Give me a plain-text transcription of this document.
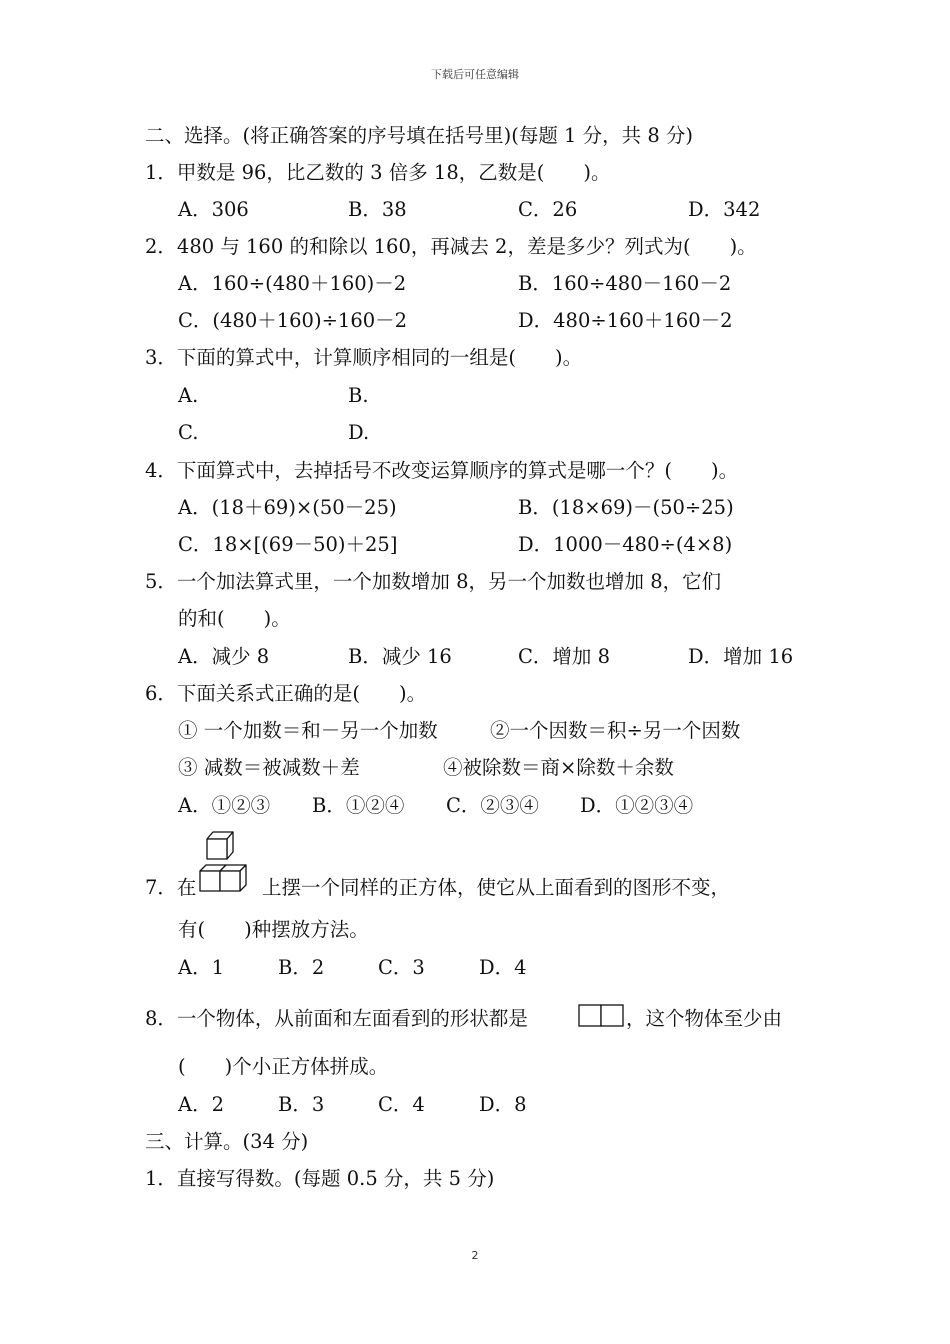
下载后可任意编辑
二、选择。(将正确答案的序号填在括号里)(每题 1 分，共 8 分)
1．甲数是 96，比乙数的 3 倍多 18，乙数是(　　)。
A．306	B．38	C．26	D．342
2．480 与 160 的和除以 160，再减去 2，差是多少？列式为(　　)。
A．160÷(480＋160)－2	B．160÷480－160－2
C．(480＋160)÷160－2	D．480÷160＋160－2
3．下面的算式中，计算顺序相同的一组是(　　)。
A.	B.
C.	D.
4．下面算式中，去掉括号不改变运算顺序的算式是哪一个？(　　)。
A．(18＋69)×(50－25)	B．(18×69)－(50÷25)
C．18×[(69－50)＋25]	D．1000－480÷(4×8)
5．一个加法算式里，一个加数增加 8，另一个加数也增加 8，它们
的和(　　)。
A．减少 8	B．减少 16	C．增加 8	D．增加 16
6．下面关系式正确的是(　　)。
① 一个加数＝和－另一个加数	②一个因数＝积÷另一个因数
③ 减数＝被减数＋差	④被除数＝商×除数＋余数
A．①②③ B．①②④ C．②③④ D．①②③④
7．在	上摆一个同样的正方体，使它从上面看到的图形不变，
有(　　)种摆放方法。
A．1	B．2	C．3	D．4
8．一个物体，从前面和左面看到的形状都是	，这个物体至少由
(　　)个小正方体拼成。
A．2	B．3	C．4	D．8
三、计算。(34 分)
1．直接写得数。(每题 0.5 分，共 5 分)
2
